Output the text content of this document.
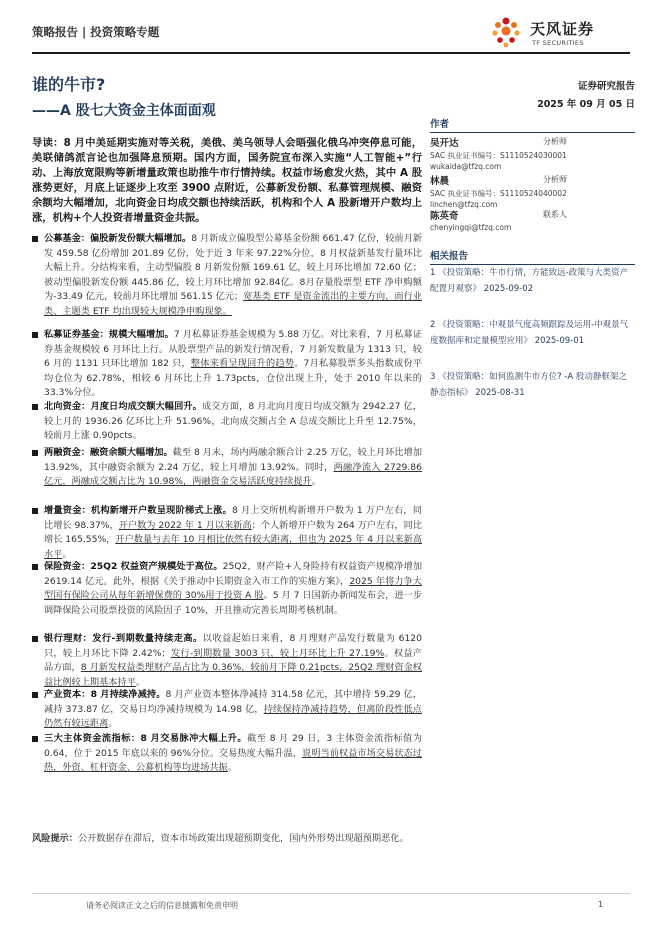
策略报告 | 投资策略专题	天风证券
TF SECURITIES
谁的牛市?
——A 股七大资金主体面面观
证券研究报告
2025 年 09 月 05 日
作者
吴开达	分析师
SAC 执业证书编号：S1110524030001
wukaida@tfzq.com
林晨	分析师
SAC 执业证书编号：S1110524040002
linchen@tfzq.com
陈英奇	联系人
chenyingqi@tfzq.com
相关报告
1 《投资策略：牛市行情，方能致远-政策与大类资产配置月观察》 2025-09-02
2 《投资策略：中观景气度高频跟踪及运用-中观景气度数据库和定量模型应用》 2025-09-01
3 《投资策略：如何监测牛市方位? -A 股动静框架之静态指标》 2025-08-31
导读：8 月中美延期实施对等关税，美俄、美乌领导人会晤强化俄乌冲突停息可能，美联储鸽派言论也加强降息预期。国内方面，国务院宣布深入实施“人工智能+”行动、上海放宽限购等新增量政策也助推牛市行情持续。权益市场愈发火热，其中 A 股涨势更好，月底上证逐步上攻至 3900 点附近，公募新发份额、私募管理规模、融资余额均大幅增加，北向资金日均成交额也持续活跃，机构和个人 A 股新增开户数均上涨，机构+个人投资者增量资金共振。
公募基金：偏股新发份额大幅增加。8 月新成立偏股型公募基金份额 661.47 亿份，较前月新发 459.58 亿份增加 201.89 亿份，处于近 3 年来 97.22%分位，8 月权益新基发行量环比大幅上升。分结构来看，主动型偏股 8 月新发份额 169.61 亿，较上月环比增加 72.60 亿；被动型偏股新发份额 445.86 亿，较上月环比增加 92.84亿。8月存量股票型 ETF 净申购额为-33.49 亿元，较前月环比增加 561.15 亿元；宽基类 ETF 是资金流出的主要方向，而行业类、主题类 ETF 均出现较大规模净申购现象。
私募证券基金：规模大幅增加。7 月私募证券基金规模为 5.88 万亿。对比来看，7 月私募证券基金规模较 6 月环比上行。从股票型产品的新发行情况看，7 月新发数量为 1313 只，较 6 月的 1131 只环比增加 182 只，整体来看呈现回升的趋势。7月私募股票多头指数成份平均仓位为 62.78%，相较 6 月环比上升 1.73pcts，仓位出现上升，处于 2010 年以来的 33.3%分位。
北向资金：月度日均成交额大幅回升。成交方面，8 月北向月度日均成交额为 2942.27 亿，较上月的 1936.26 亿环比上升 51.96%，北向成交额占全 A 总成交额比上升至 12.75%，较前月上涨 0.90pcts。
两融资金：融资余额大幅增加。截至 8 月末，场内两融余额合计 2.25 万亿，较上月环比增加 13.92%，其中融资余额为 2.24 万亿，较上月增加 13.92%。同时，两融净流入 2729.86 亿元，两融成交额占比为 10.98%，两融资金交易活跃度持续提升。
增量资金：机构新增开户数呈现阶梯式上涨。8 月上交所机构新增开户数为 1 万户左右，同比增长 98.37%，开户数为 2022 年 1 月以来新高；个人新增开户数为 264 万户左右，同比增长 165.55%，开户数量与去年 10 月相比依然有较大距离，但也为 2025 年 4 月以来新高水平。
保险资金：25Q2 权益资产规模处于高位。25Q2，财产险+人身险持有权益资产规模净增加 2619.14 亿元。此外，根据《关于推动中长期资金入市工作的实施方案》，2025 年将力争大型国有保险公司从每年新增保费的 30%用于投资 A 股。5 月 7 日国新办新闻发布会，进一步调降保险公司股票投资的风险因子 10%，开且推动完善长周期考核机制。
银行理财：发行-到期数量持续走高。以收益起始日来看，8 月理财产品发行数量为 6120 只，较上月环比下降 2.42%；发行-到期数量 3003 只，较上月环比上升 27.19%。权益产品方面，8 月新发权益类理财产品占比为 0.36%，较前月下降 0.21pcts，25Q2 理财资金权益比例较上期基本持平。
产业资本：8 月持续净减持。8 月产业资本整体净减持 314.58 亿元，其中增持 59.29 亿，减持 373.87 亿，交易日均净减持规模为 14.98 亿，持续保持净减持趋势，但离阶段性低点仍然有较远距离。
三大主体资金流指标：8 月交易脉冲大幅上升。截至 8 月 29 日，3 主体资金流指标值为 0.64，位于 2015 年底以来的 96%分位。交易热度大幅升温，说明当前权益市场交易状态过热，外资、杠杆资金、公募机构等均进场共振。
风险提示：公开数据存在滞后，资本市场政策出现超预期变化，国内外形势出现超预期恶化。
请务必阅读正文之后的信息披露和免责申明	1
